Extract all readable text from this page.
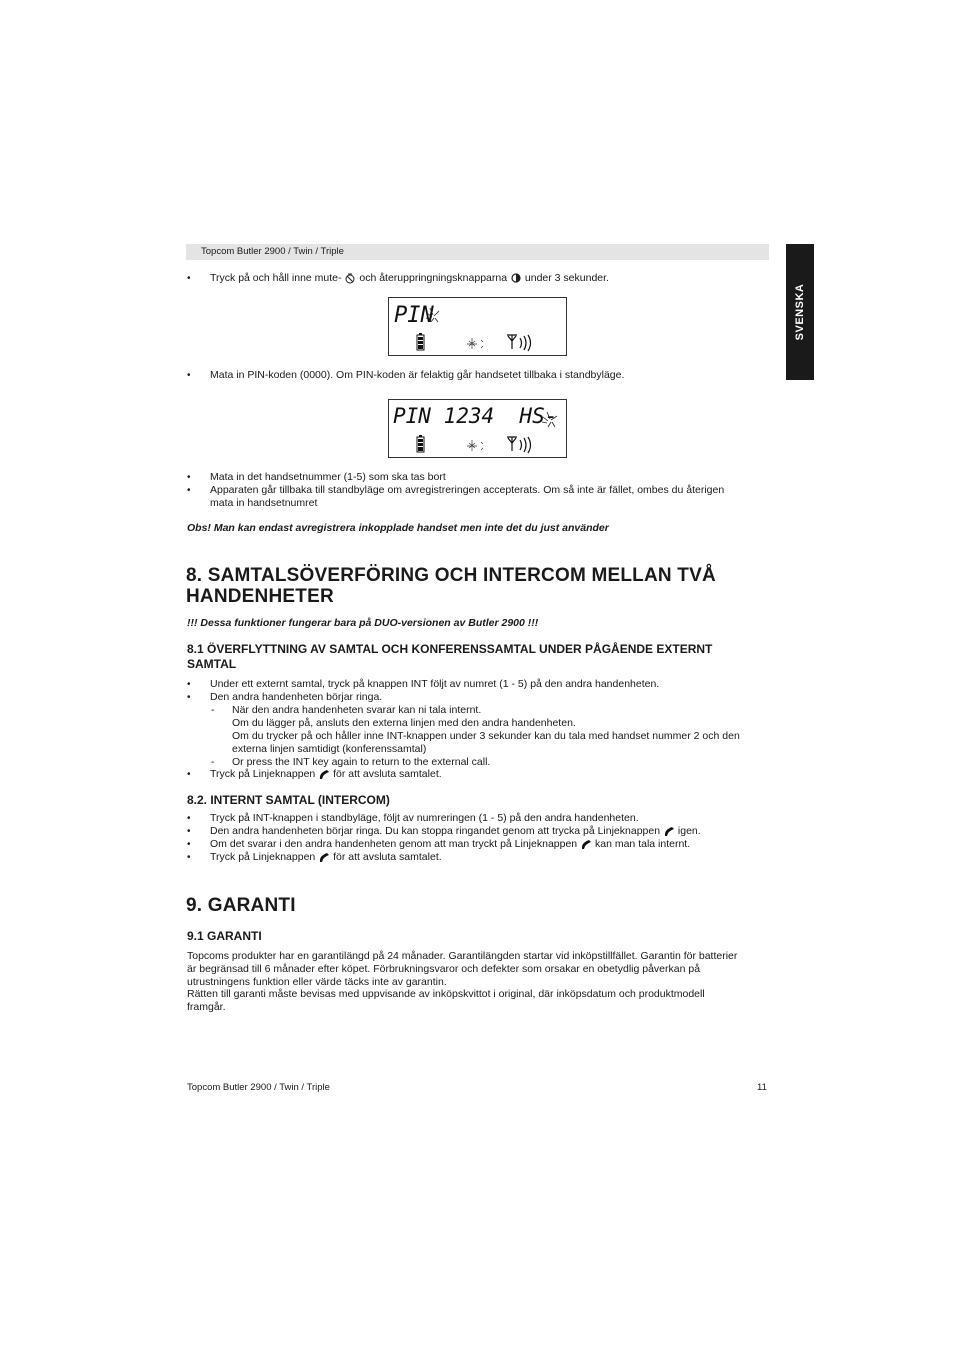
Topcom Butler 2900 / Twin / Triple
SVENSKA
• Tryck på och håll inne mute- och återuppringningsknapparna under 3 sekunder.
PIN
• Mata in PIN-koden (0000). Om PIN-koden är felaktig går handsetet tillbaka i standbyläge.
PIN 1234  HS-
• Mata in det handsetnummer (1-5) som ska tas bort
• Apparaten går tillbaka till standbyläge om avregistreringen accepterats. Om så inte är fället, ombes du återigen
mata in handsetnumret
Obs! Man kan endast avregistrera inkopplade handset men inte det du just använder
8. SAMTALSÖVERFÖRING OCH INTERCOM MELLAN TVÅ
HANDENHETER
!!! Dessa funktioner fungerar bara på DUO-versionen av Butler 2900 !!!
8.1 ÖVERFLYTTNING AV SAMTAL OCH KONFERENSSAMTAL UNDER PÅGÅENDE EXTERNT
SAMTAL
• Under ett externt samtal, tryck på knappen INT följt av numret (1 - 5) på den andra handenheten.
• Den andra handenheten börjar ringa.
- När den andra handenheten svarar kan ni tala internt.
Om du lägger på, ansluts den externa linjen med den andra handenheten.
Om du trycker på och håller inne INT-knappen under 3 sekunder kan du tala med handset nummer 2 och den
externa linjen samtidigt (konferenssamtal)
- Or press the INT key again to return to the external call.
• Tryck på Linjeknappen för att avsluta samtalet.
8.2. INTERNT SAMTAL (INTERCOM)
• Tryck på INT-knappen i standbyläge, följt av numreringen (1 - 5) på den andra handenheten.
• Den andra handenheten börjar ringa. Du kan stoppa ringandet genom att trycka på Linjeknappen igen.
• Om det svarar i den andra handenheten genom att man tryckt på Linjeknappen kan man tala internt.
• Tryck på Linjeknappen för att avsluta samtalet.
9. GARANTI
9.1 GARANTI
Topcoms produkter har en garantilängd på 24 månader. Garantilängden startar vid inköpstillfället. Garantin för batterier
är begränsad till 6 månader efter köpet. Förbrukningsvaror och defekter som orsakar en obetydlig påverkan på
utrustningens funktion eller värde täcks inte av garantin.
Rätten till garanti måste bevisas med uppvisande av inköpskvittot i original, där inköpsdatum och produktmodell
framgår.
Topcom Butler 2900 / Twin / Triple	11
